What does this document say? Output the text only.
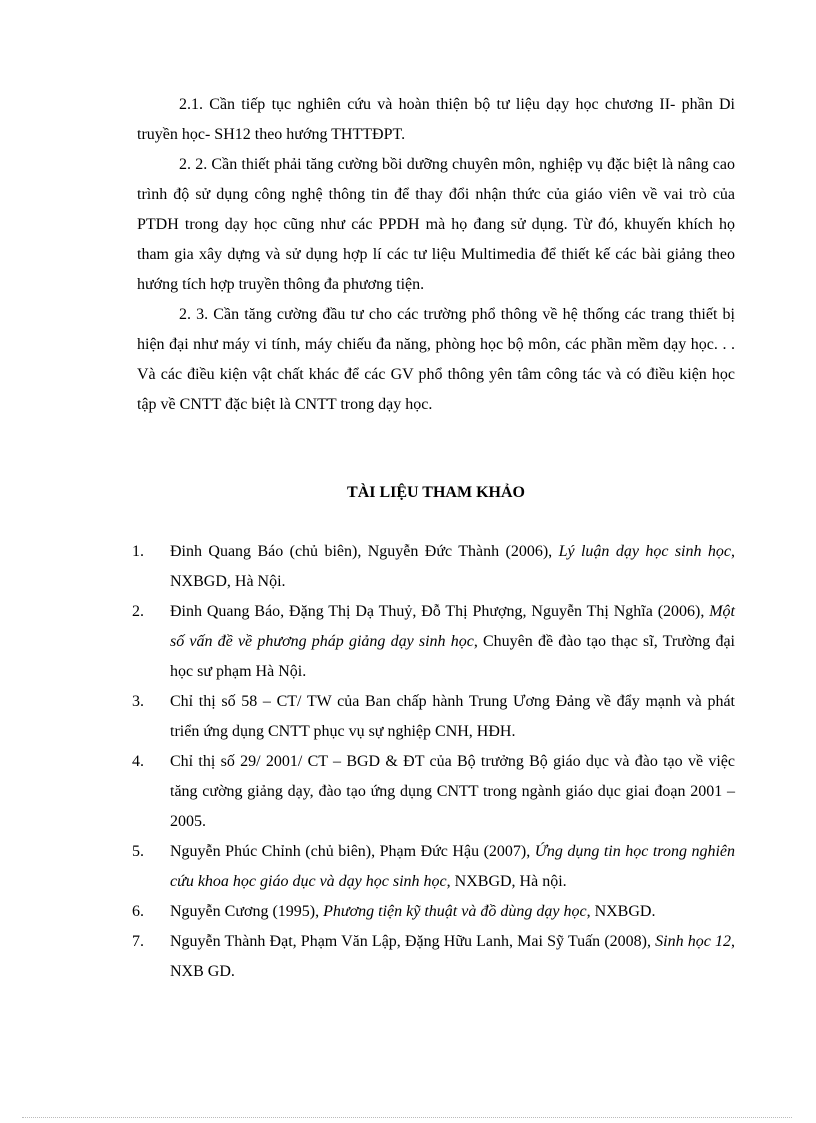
2.1. Cần tiếp tục nghiên cứu và hoàn thiện bộ tư liệu dạy học chương II- phần Di truyền học- SH12 theo hướng THTTĐPT.

2. 2. Cần thiết phải tăng cường bồi dưỡng chuyên môn, nghiệp vụ đặc biệt là nâng cao trình độ sử dụng công nghệ thông tin để thay đổi nhận thức của giáo viên về vai trò của PTDH trong dạy học cũng như các PPDH mà họ đang sử dụng. Từ đó, khuyến khích họ tham gia xây dựng và sử dụng hợp lí các tư liệu Multimedia để thiết kế các bài giảng theo hướng tích hợp truyền thông đa phương tiện.

2. 3. Cần tăng cường đầu tư cho các trường phổ thông về hệ thống các trang thiết bị hiện đại như máy vi tính, máy chiếu đa năng, phòng học bộ môn, các phần mềm dạy học. . . Và các điều kiện vật chất khác để các GV phổ thông yên tâm công tác và có điều kiện học tập về CNTT đặc biệt là CNTT trong dạy học.

TÀI LIỆU THAM KHẢO
1.	Đinh Quang Báo (chủ biên), Nguyễn Đức Thành (2006), Lý luận dạy học sinh học, NXBGD, Hà Nội.
2.	Đinh Quang Báo, Đặng Thị Dạ Thuỷ, Đỗ Thị Phượng, Nguyễn Thị Nghĩa (2006), Một số vấn đề về phương pháp giảng dạy sinh học, Chuyên đề đào tạo thạc sĩ, Trường đại học sư phạm Hà Nội.
3.	Chỉ thị số 58 – CT/ TW của Ban chấp hành Trung Ương Đảng về đẩy mạnh và phát triển ứng dụng CNTT phục vụ sự nghiệp CNH, HĐH.
4.	Chỉ thị số 29/ 2001/ CT – BGD & ĐT của Bộ trưởng Bộ giáo dục và đào tạo về việc tăng cường giảng dạy, đào tạo ứng dụng CNTT trong ngành giáo dục giai đoạn 2001 – 2005.
5.	Nguyễn Phúc Chỉnh (chủ biên), Phạm Đức Hậu (2007), Ứng dụng tin học trong nghiên cứu khoa học giáo dục và dạy học sinh học, NXBGD, Hà nội.
6.	Nguyễn Cương (1995), Phương tiện kỹ thuật và đồ dùng dạy học, NXBGD.
7.	Nguyễn Thành Đạt, Phạm Văn Lập, Đặng Hữu Lanh, Mai Sỹ Tuấn (2008), Sinh học 12, NXB GD.
